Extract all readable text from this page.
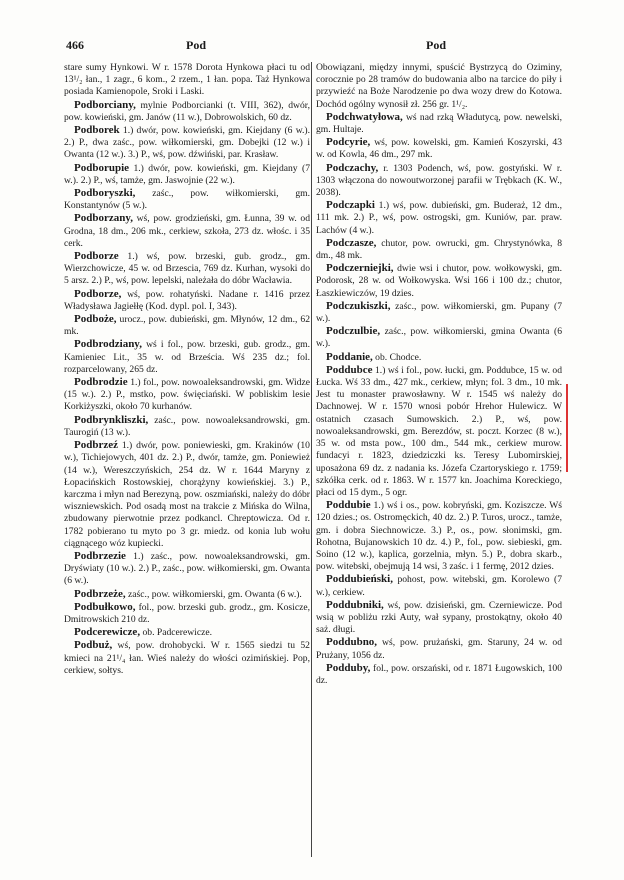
466	Pod	Pod

stare sumy Hynkowi. W r. 1578 Dorota Hynkowa płaci tu od 13¹/₂ łan., 1 zagr., 6 kom., 2 rzem., 1 łan. popa. Taż Hynkowa posiada Kamienopole, Sroki i Laski.

Podborciany, mylnie Podborcianki (t. VIII, 362), dwór, pow. kowieński, gm. Janów (11 w.), Dobrowolskich, 60 dz.

Podborek 1.) dwór, pow. kowieński, gm. Kiejdany (6 w.). 2.) P., dwa zaśc., pow. wiłkomierski, gm. Dobejki (12 w.) i Owanta (12 w.). 3.) P., wś, pow. dźwiński, par. Krasław.

Podborupie 1.) dwór, pow. kowieński, gm. Kiejdany (7 w.). 2.) P., wś, tamże, gm. Jaswojnie (22 w.).

Podboryszki, zaśc., pow. wiłkomierski, gm. Konstantynów (5 w.).

Podborzany, wś, pow. grodzieński, gm. Łunna, 39 w. od Grodna, 18 dm., 206 mk., cerkiew, szkoła, 273 dz. włośc. i 35 cerk.

Podborze 1.) wś, pow. brzeski, gub. grodz., gm. Wierzchowicze, 45 w. od Brzescia, 769 dz. Kurhan, wysoki do 5 arsz. 2.) P., wś, pow. lepelski, należała do dóbr Wacławia.

Podborze, wś, pow. rohatyński. Nadane r. 1416 przez Władysława Jagiełłę (Kod. dypl. pol. I, 343).

Podboże, urocz., pow. dubieński, gm. Młynów, 12 dm., 62 mk.

Podbrodziany, wś i fol., pow. brzeski, gub. grodz., gm. Kamieniec Lit., 35 w. od Brześcia. Wś 235 dz.; fol. rozparcelowany, 265 dz.

Podbrodzie 1.) fol., pow. nowoaleksandrowski, gm. Widze (15 w.). 2.) P., mstko, pow. święciański. W pobliskim lesie Korkiżyszki, około 70 kurhanów.

Podbrynkliszki, zaśc., pow. nowoaleksandrowski, gm. Taurogiń (13 w.).

Podbrzeź 1.) dwór, pow. poniewieski, gm. Krakinów (10 w.), Tichiejowych, 401 dz. 2.) P., dwór, tamże, gm. Poniewież (14 w.), Wereszczyńskich, 254 dz. W r. 1644 Maryny z Łopacińskich Rostowskiej, chorążyny kowieńskiej. 3.) P., karczma i młyn nad Berezyną, pow. oszmiański, należy do dóbr wiszniewskich. Pod osadą most na trakcie z Mińska do Wilna, zbudowany pierwotnie przez podkancl. Chreptowicza. Od r. 1782 pobierano tu myto po 3 gr. miedz. od konia lub wołu ciągnącego wóz kupiecki.

Podbrzezie 1.) zaśc., pow. nowoaleksandrowski, gm. Dryświaty (10 w.). 2.) P., zaśc., pow. wiłkomierski, gm. Owanta (6 w.).

Podbrzeże, zaśc., pow. wiłkomierski, gm. Owanta (6 w.).

Podbułkowo, fol., pow. brzeski gub. grodz., gm. Kosicze, Dmitrowskich 210 dz.

Podcerewicze, ob. Padcerewicze.

Podbuż, wś, pow. drohobycki. W r. 1565 siedzi tu 52 kmieci na 21¹/₄ łan. Wieś należy do włości ozimińskiej. Pop, cerkiew, sołtys.

Obowiązani, między innymi, spuścić Bystrzycą do Oziminy, corocznie po 28 tramów do budowania albo na tarcice do piły i przywieźć na Boże Narodzenie po dwa wozy drew do Kotowa. Dochód ogólny wynosił zł. 256 gr. 1¹/₂.

Podchwatyłowa, wś nad rzką Władutycą, pow. newelski, gm. Hultaje.

Podcyrie, wś, pow. kowelski, gm. Kamień Koszyrski, 43 w. od Kowla, 46 dm., 297 mk.

Podczachy, r. 1303 Podench, wś, pow. gostyński. W r. 1303 włączona do nowoutworzonej parafii w Trębkach (K. W., 2038).

Podczapki 1.) wś, pow. dubieński, gm. Buderaż, 12 dm., 111 mk. 2.) P., wś, pow. ostrogski, gm. Kuniów, par. praw. Lachów (4 w.).

Podczasze, chutor, pow. owrucki, gm. Chrystynówka, 8 dm., 48 mk.

Podczerniejki, dwie wsi i chutor, pow. wołkowyski, gm. Podorosk, 28 w. od Wołkowyska. Wsi 166 i 100 dz.; chutor, Łaszkiewiczów, 19 dzies.

Podczukiszki, zaśc., pow. wiłkomierski, gm. Pupany (7 w.).

Podczulbie, zaśc., pow. wiłkomierski, gmina Owanta (6 w.).

Poddanie, ob. Chodce.

Poddubce 1.) wś i fol., pow. łucki, gm. Poddubce, 15 w. od Łucka. Wś 33 dm., 427 mk., cerkiew, młyn; fol. 3 dm., 10 mk. Jest tu monaster prawosławny. W r. 1545 wś należy do Dachnowej. W r. 1570 wnosi pobór Hrehor Hulewicz. W ostatnich czasach Sumowskich. 2.) P., wś, pow. nowoaleksandrowski, gm. Berezdów, st. poczt. Korzec (8 w.), 35 w. od msta pow., 100 dm., 544 mk., cerkiew murow. fundacyi r. 1823, dziedziczki ks. Teresy Lubomirskiej, uposażona 69 dz. z nadania ks. Józefa Czartoryskiego r. 1759; szkółka cerk. od r. 1863. W r. 1577 kn. Joachima Koreckiego, płaci od 15 dym., 5 ogr.

Poddubie 1.) wś i os., pow. kobryński, gm. Koziszcze. Wś 120 dzies.; os. Ostromęckich, 40 dz. 2.) P. Turos, urocz., tamże, gm. i dobra Siechnowicze. 3.) P., os., pow. słonimski, gm. Rohotna, Bujanowskich 10 dz. 4.) P., fol., pow. siebieski, gm. Soino (12 w.), kaplica, gorzelnia, młyn. 5.) P., dobra skarb., pow. witebski, obejmują 14 wsi, 3 zaśc. i 1 fermę, 2012 dzies.

Poddubieński, pohost, pow. witebski, gm. Korolewo (7 w.), cerkiew.

Poddubniki, wś, pow. dzisieński, gm. Czerniewicze. Pod wsią w pobliżu rzki Auty, wał sypany, prostokątny, około 40 saż. długi.

Poddubno, wś, pow. prużański, gm. Staruny, 24 w. od Prużany, 1056 dz.

Podduby, fol., pow. orszański, od r. 1871 Ługowskich, 100 dz.
